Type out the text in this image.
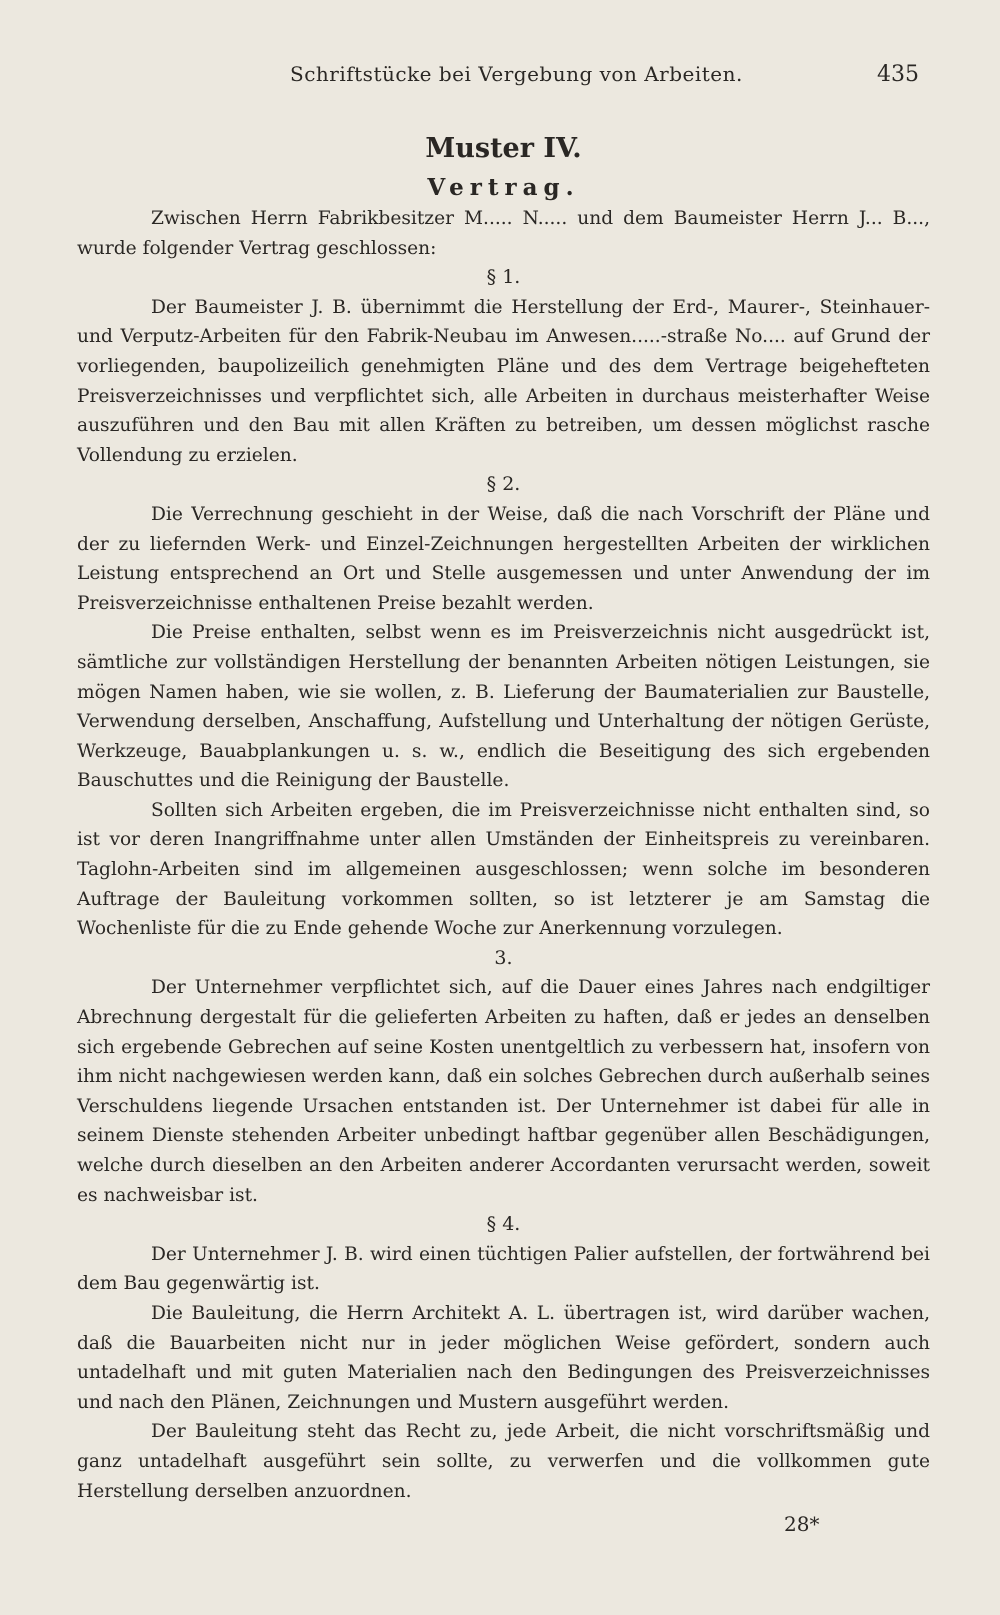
Schriftstücke bei Vergebung von Arbeiten.	435
Muster IV.
Vertrag.

Zwischen Herrn Fabrikbesitzer M..... N..... und dem Baumeister Herrn J... B..., wurde folgender Vertrag geschlossen:

§ 1.

Der Baumeister J. B. übernimmt die Herstellung der Erd-, Maurer-, Steinhauer- und Verputz-Arbeiten für den Fabrik-Neubau im Anwesen.....-straße No.... auf Grund der vorliegenden, baupolizeilich genehmigten Pläne und des dem Vertrage beigehefteten Preisverzeichnisses und verpflichtet sich, alle Arbeiten in durchaus meisterhafter Weise auszuführen und den Bau mit allen Kräften zu betreiben, um dessen möglichst rasche Vollendung zu erzielen.

§ 2.

Die Verrechnung geschieht in der Weise, daß die nach Vorschrift der Pläne und der zu liefernden Werk- und Einzel-Zeichnungen hergestellten Arbeiten der wirklichen Leistung entsprechend an Ort und Stelle ausgemessen und unter Anwendung der im Preisverzeichnisse enthaltenen Preise bezahlt werden.

Die Preise enthalten, selbst wenn es im Preisverzeichnis nicht ausgedrückt ist, sämtliche zur vollständigen Herstellung der benannten Arbeiten nötigen Leistungen, sie mögen Namen haben, wie sie wollen, z. B. Lieferung der Baumaterialien zur Baustelle, Verwendung derselben, Anschaffung, Aufstellung und Unterhaltung der nötigen Gerüste, Werkzeuge, Bauabplankungen u. s. w., endlich die Beseitigung des sich ergebenden Bauschuttes und die Reinigung der Baustelle.

Sollten sich Arbeiten ergeben, die im Preisverzeichnisse nicht enthalten sind, so ist vor deren Inangriffnahme unter allen Umständen der Einheitspreis zu vereinbaren. Taglohn-Arbeiten sind im allgemeinen ausgeschlossen; wenn solche im besonderen Auftrage der Bauleitung vorkommen sollten, so ist letzterer je am Samstag die Wochenliste für die zu Ende gehende Woche zur Anerkennung vorzulegen.

3.

Der Unternehmer verpflichtet sich, auf die Dauer eines Jahres nach endgiltiger Abrechnung dergestalt für die gelieferten Arbeiten zu haften, daß er jedes an denselben sich ergebende Gebrechen auf seine Kosten unentgeltlich zu verbessern hat, insofern von ihm nicht nachgewiesen werden kann, daß ein solches Gebrechen durch außerhalb seines Verschuldens liegende Ursachen entstanden ist. Der Unternehmer ist dabei für alle in seinem Dienste stehenden Arbeiter unbedingt haftbar gegenüber allen Beschädigungen, welche durch dieselben an den Arbeiten anderer Accordanten verursacht werden, soweit es nachweisbar ist.

§ 4.

Der Unternehmer J. B. wird einen tüchtigen Palier aufstellen, der fortwährend bei dem Bau gegenwärtig ist.

Die Bauleitung, die Herrn Architekt A. L. übertragen ist, wird darüber wachen, daß die Bauarbeiten nicht nur in jeder möglichen Weise gefördert, sondern auch untadelhaft und mit guten Materialien nach den Bedingungen des Preisverzeichnisses und nach den Plänen, Zeichnungen und Mustern ausgeführt werden.

Der Bauleitung steht das Recht zu, jede Arbeit, die nicht vorschriftsmäßig und ganz untadelhaft ausgeführt sein sollte, zu verwerfen und die vollkommen gute Herstellung derselben anzuordnen.

28*
